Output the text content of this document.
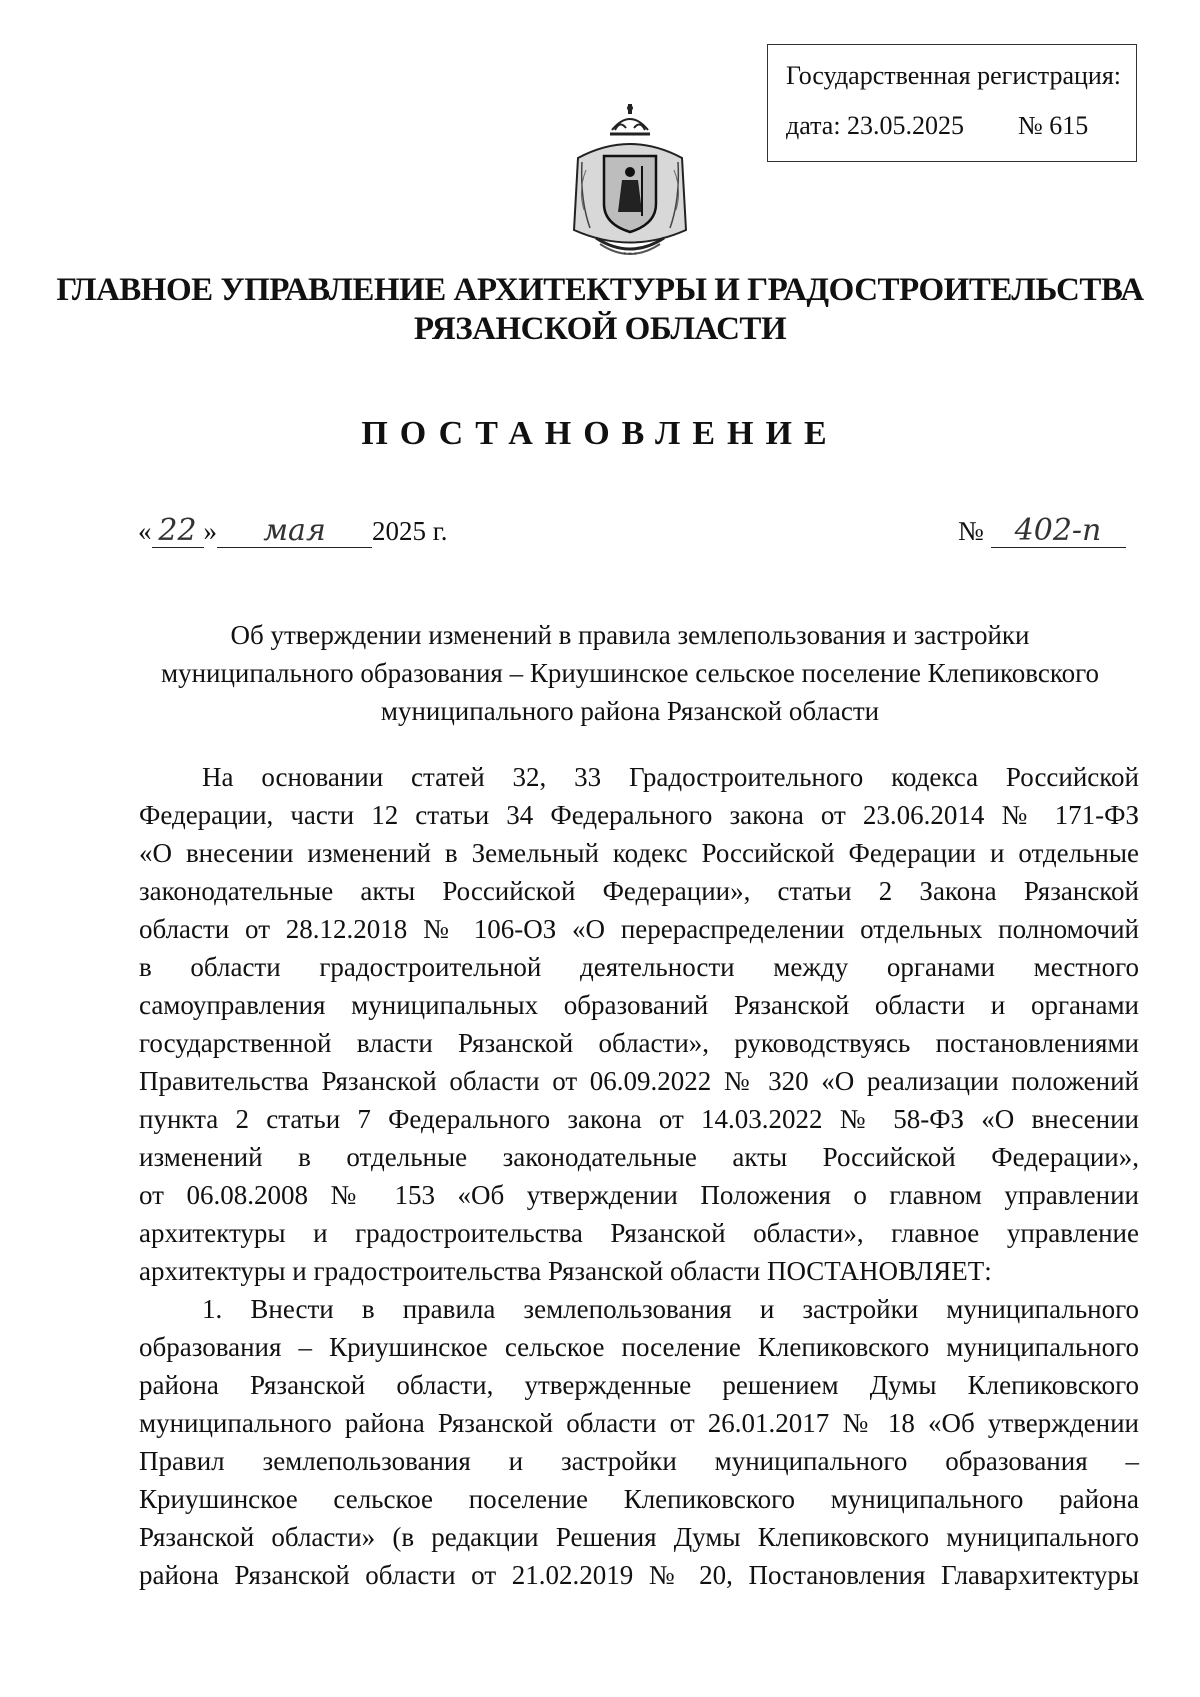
Государственная регистрация:
дата: 23.05.2025 № 615
* * *
ГЛАВНОЕ УПРАВЛЕНИЕ АРХИТЕКТУРЫ И ГРАДОСТРОИТЕЛЬСТВА
РЯЗАНСКОЙ ОБЛАСТИ
ПОСТАНОВЛЕНИЕ
« 22 » мая 2025 г.	№ 402-п
Об утверждении изменений в правила землепользования и застройки
муниципального образования – Криушинское сельское поселение Клепиковского
муниципального района Рязанской области
На основании статей 32, 33 Градостроительного кодекса Российской
Федерации, части 12 статьи 34 Федерального закона от 23.06.2014 № 171-ФЗ
«О внесении изменений в Земельный кодекс Российской Федерации и отдельные
законодательные акты Российской Федерации», статьи 2 Закона Рязанской
области от 28.12.2018 № 106-ОЗ «О перераспределении отдельных полномочий
в области градостроительной деятельности между органами местного
самоуправления муниципальных образований Рязанской области и органами
государственной власти Рязанской области», руководствуясь постановлениями
Правительства Рязанской области от 06.09.2022 № 320 «О реализации положений
пункта 2 статьи 7 Федерального закона от 14.03.2022 № 58-ФЗ «О внесении
изменений в отдельные законодательные акты Российской Федерации»,
от 06.08.2008 № 153 «Об утверждении Положения о главном управлении
архитектуры и градостроительства Рязанской области», главное управление
архитектуры и градостроительства Рязанской области ПОСТАНОВЛЯЕТ:
1. Внести в правила землепользования и застройки муниципального
образования – Криушинское сельское поселение Клепиковского муниципального
района Рязанской области, утвержденные решением Думы Клепиковского
муниципального района Рязанской области от 26.01.2017 № 18 «Об утверждении
Правил землепользования и застройки муниципального образования –
Криушинское сельское поселение Клепиковского муниципального района
Рязанской области» (в редакции Решения Думы Клепиковского муниципального
района Рязанской области от 21.02.2019 № 20, Постановления Главархитектуры
